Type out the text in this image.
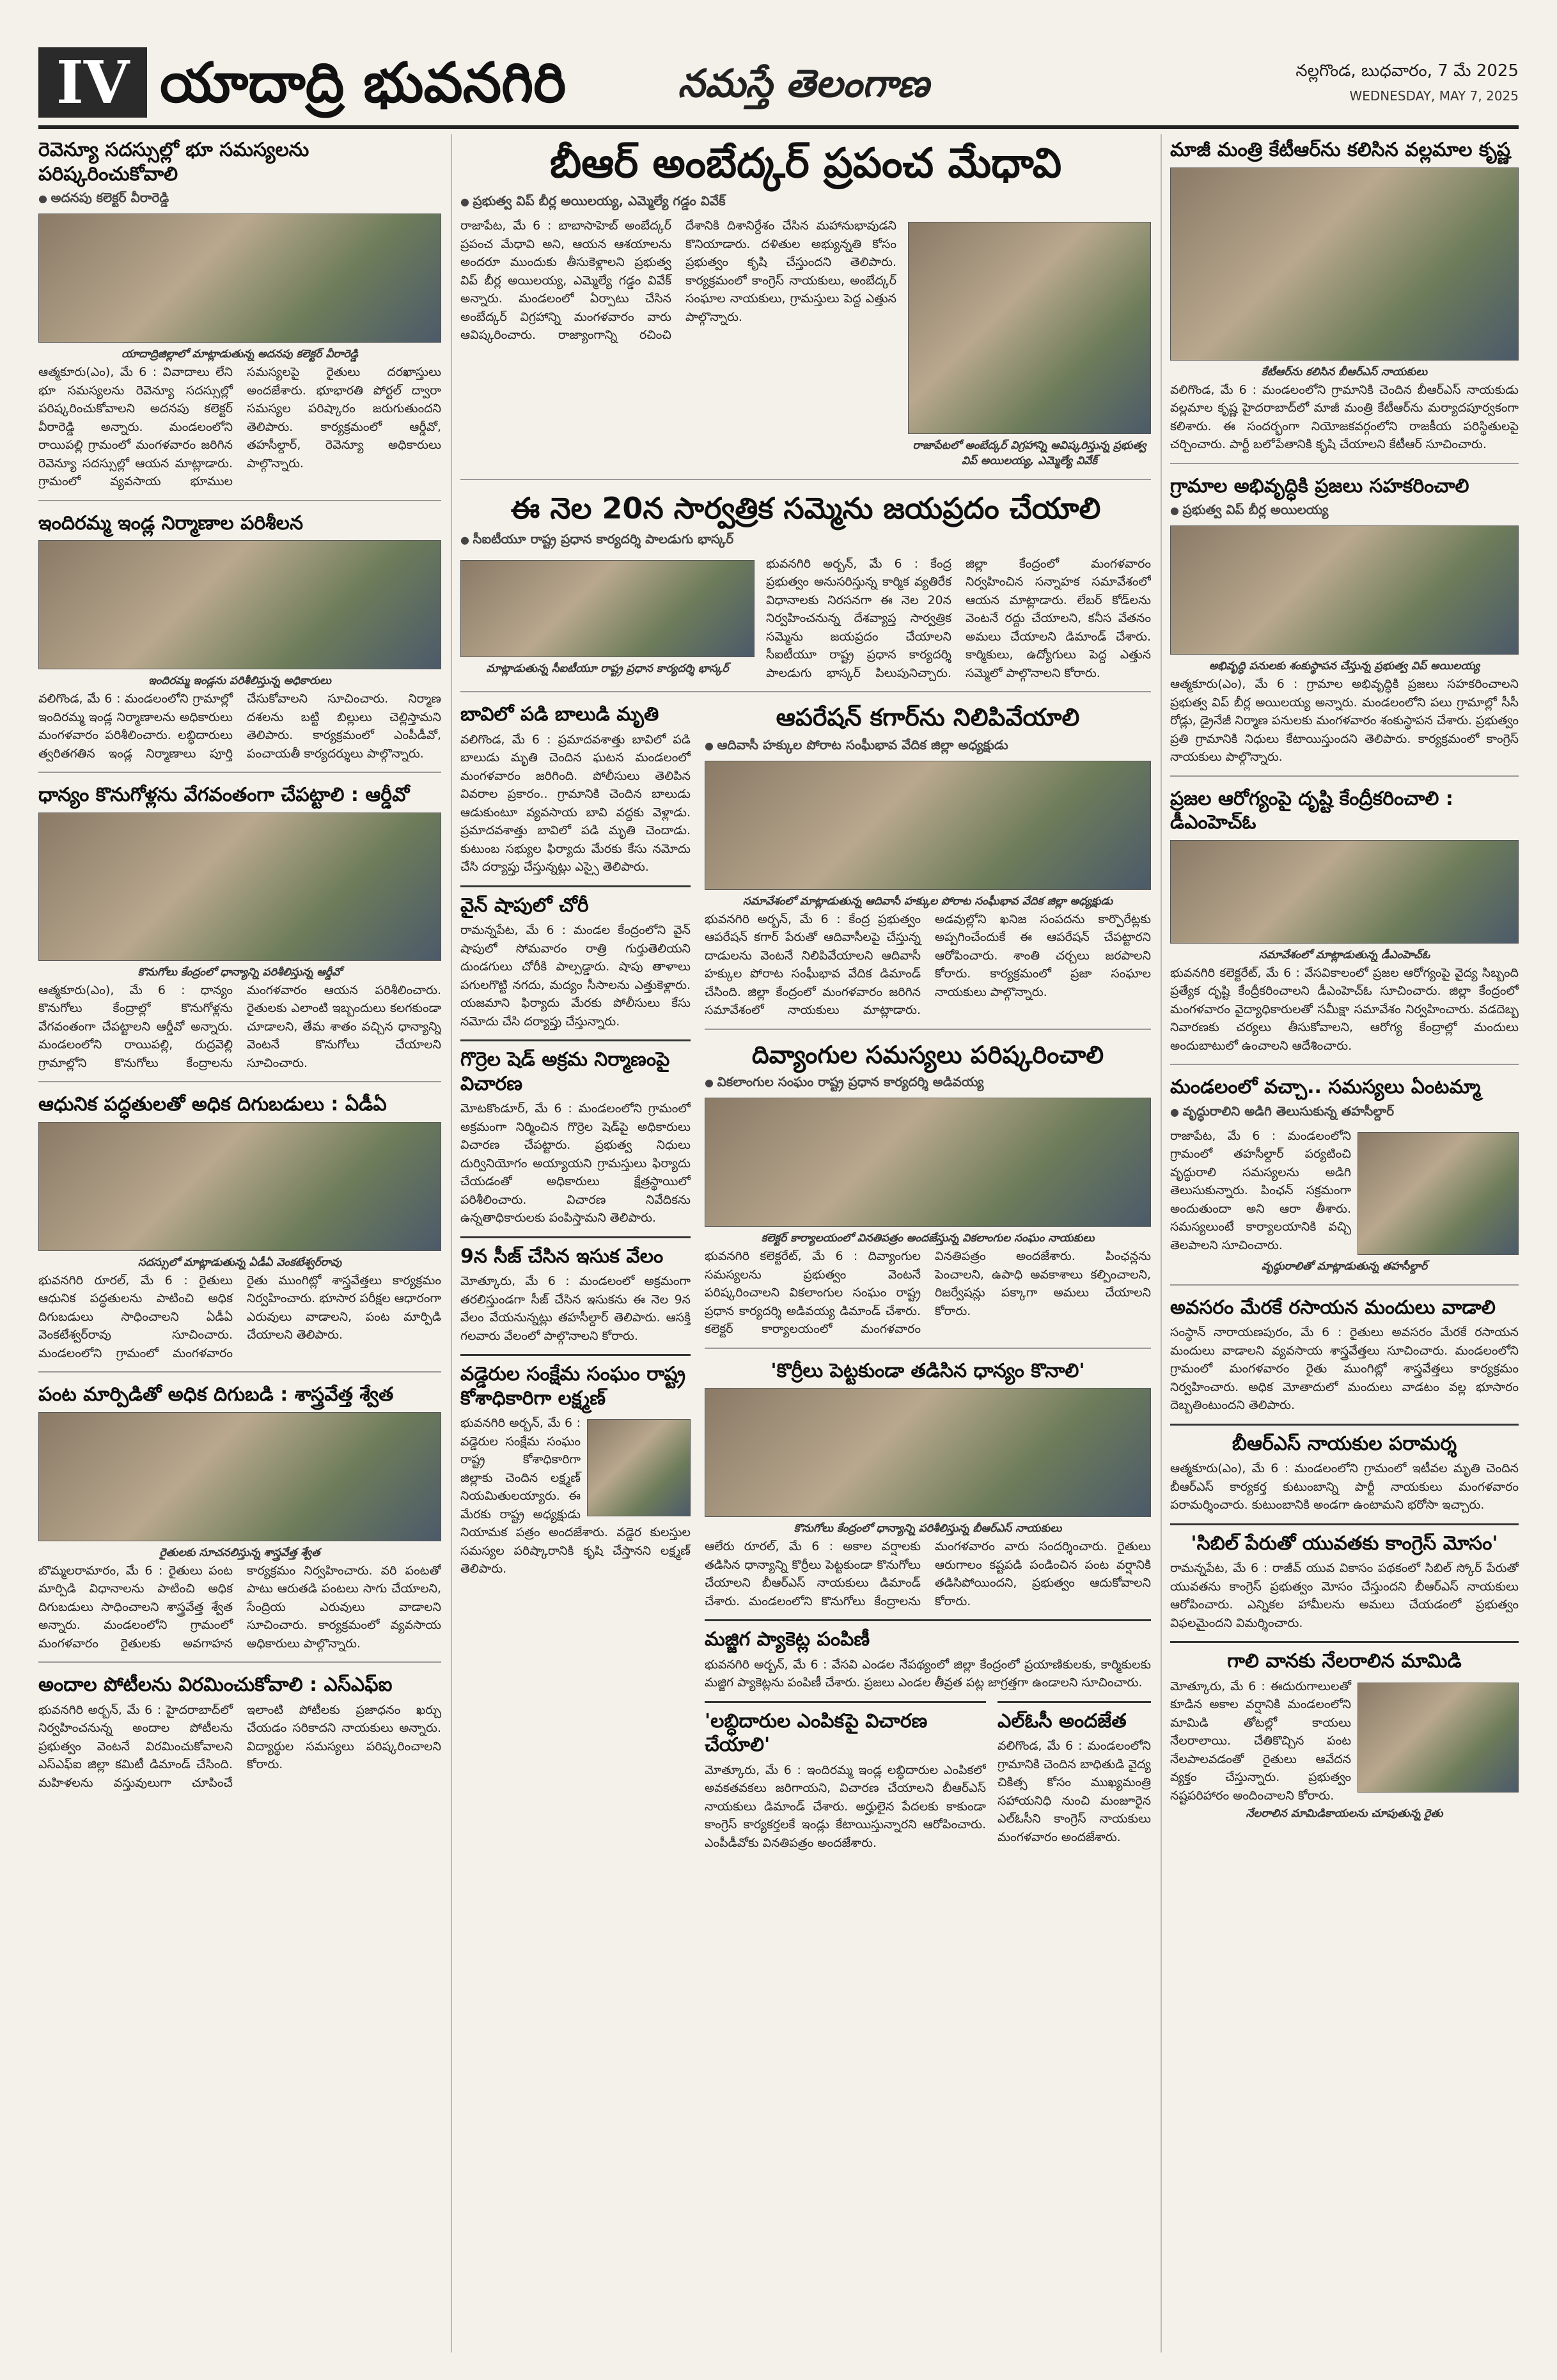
IV యాదాద్రి భువనగిరి	నమస్తే తెలంగాణ	నల్లగొండ, బుధవారం, 7 మే 2025
WEDNESDAY, MAY 7, 2025
రెవెన్యూ సదస్సుల్లో భూ సమస్యలను పరిష్కరించుకోవాలి
● అదనపు కలెక్టర్ వీరారెడ్డి
యాదాద్రిజిల్లాలో మాట్లాడుతున్న అదనపు కలెక్టర్ వీరారెడ్డి
ఆత్మకూరు(ఎం), మే 6 : వివాదాలు లేని భూ సమస్యలను రెవెన్యూ సదస్సుల్లో పరిష్కరించుకోవాలని అదనపు కలెక్టర్ వీరారెడ్డి అన్నారు. మండలంలోని రాయిపల్లి గ్రామంలో మంగళవారం జరిగిన రెవెన్యూ సదస్సుల్లో ఆయన మాట్లాడారు. గ్రామంలో వ్యవసాయ భూముల సమస్యలపై రైతులు దరఖాస్తులు అందజేశారు. భూభారతి పోర్టల్ ద్వారా సమస్యల పరిష్కారం జరుగుతుందని తెలిపారు. కార్యక్రమంలో ఆర్డీవో, తహసీల్దార్, రెవెన్యూ అధికారులు పాల్గొన్నారు.
ఇందిరమ్మ ఇండ్ల నిర్మాణాల పరిశీలన
ఇందిరమ్మ ఇండ్లను పరిశీలిస్తున్న అధికారులు
వలిగొండ, మే 6 : మండలంలోని గ్రామాల్లో ఇందిరమ్మ ఇండ్ల నిర్మాణాలను అధికారులు మంగళవారం పరిశీలించారు. లబ్ధిదారులు త్వరితగతిన ఇండ్ల నిర్మాణాలు పూర్తి చేసుకోవాలని సూచించారు. నిర్మాణ దశలను బట్టి బిల్లులు చెల్లిస్తామని తెలిపారు. కార్యక్రమంలో ఎంపీడీవో, పంచాయతీ కార్యదర్శులు పాల్గొన్నారు.
ధాన్యం కొనుగోళ్లను వేగవంతంగా చేపట్టాలి : ఆర్డీవో
కొనుగోలు కేంద్రంలో ధాన్యాన్ని పరిశీలిస్తున్న ఆర్డీవో
ఆత్మకూరు(ఎం), మే 6 : ధాన్యం కొనుగోలు కేంద్రాల్లో కొనుగోళ్లను వేగవంతంగా చేపట్టాలని ఆర్డీవో అన్నారు. మండలంలోని రాయిపల్లి, రుద్రవెల్లి గ్రామాల్లోని కొనుగోలు కేంద్రాలను మంగళవారం ఆయన పరిశీలించారు. రైతులకు ఎలాంటి ఇబ్బందులు కలగకుండా చూడాలని, తేమ శాతం వచ్చిన ధాన్యాన్ని వెంటనే కొనుగోలు చేయాలని సూచించారు.
ఆధునిక పద్ధతులతో అధిక దిగుబడులు : ఏడీఏ
సదస్సులో మాట్లాడుతున్న ఏడీఏ వెంకటేశ్వర్‌రావు
భువనగిరి రూరల్, మే 6 : రైతులు ఆధునిక పద్ధతులను పాటించి అధిక దిగుబడులు సాధించాలని ఏడీఏ వెంకటేశ్వర్‌రావు సూచించారు. మండలంలోని గ్రామంలో మంగళవారం రైతు ముంగిట్లో శాస్త్రవేత్తలు కార్యక్రమం నిర్వహించారు. భూసార పరీక్షల ఆధారంగా ఎరువులు వాడాలని, పంట మార్పిడి చేయాలని తెలిపారు.
పంట మార్పిడితో అధిక దిగుబడి : శాస్త్రవేత్త శ్వేత
రైతులకు సూచనలిస్తున్న శాస్త్రవేత్త శ్వేత
బొమ్మలరామారం, మే 6 : రైతులు పంట మార్పిడి విధానాలను పాటించి అధిక దిగుబడులు సాధించాలని శాస్త్రవేత్త శ్వేత అన్నారు. మండలంలోని గ్రామంలో మంగళవారం రైతులకు అవగాహన కార్యక్రమం నిర్వహించారు. వరి పంటతో పాటు ఆరుతడి పంటలు సాగు చేయాలని, సేంద్రియ ఎరువులు వాడాలని సూచించారు. కార్యక్రమంలో వ్యవసాయ అధికారులు పాల్గొన్నారు.
అందాల పోటీలను విరమించుకోవాలి : ఎస్‌ఎఫ్‌ఐ
భువనగిరి అర్బన్, మే 6 : హైదరాబాద్‌లో నిర్వహించనున్న అందాల పోటీలను ప్రభుత్వం వెంటనే విరమించుకోవాలని ఎస్‌ఎఫ్‌ఐ జిల్లా కమిటీ డిమాండ్ చేసింది. మహిళలను వస్తువులుగా చూపించే ఇలాంటి పోటీలకు ప్రజాధనం ఖర్చు చేయడం సరికాదని నాయకులు అన్నారు. విద్యార్థుల సమస్యలు పరిష్కరించాలని కోరారు.
బీఆర్ అంబేద్కర్ ప్రపంచ మేధావి
● ప్రభుత్వ విప్ బీర్ల అయిలయ్య, ఎమ్మెల్యే గడ్డం వివేక్
రాజాపేట, మే 6 : బాబాసాహెబ్ అంబేద్కర్ ప్రపంచ మేధావి అని, ఆయన ఆశయాలను అందరూ ముందుకు తీసుకెళ్లాలని ప్రభుత్వ విప్ బీర్ల అయిలయ్య, ఎమ్మెల్యే గడ్డం వివేక్ అన్నారు. మండలంలో ఏర్పాటు చేసిన అంబేద్కర్ విగ్రహాన్ని మంగళవారం వారు ఆవిష్కరించారు. రాజ్యాంగాన్ని రచించి దేశానికి దిశానిర్దేశం చేసిన మహానుభావుడని కొనియాడారు. దళితుల అభ్యున్నతి కోసం ప్రభుత్వం కృషి చేస్తుందని తెలిపారు. కార్యక్రమంలో కాంగ్రెస్ నాయకులు, అంబేద్కర్ సంఘాల నాయకులు, గ్రామస్తులు పెద్ద ఎత్తున పాల్గొన్నారు.
రాజాపేటలో అంబేద్కర్ విగ్రహాన్ని ఆవిష్కరిస్తున్న ప్రభుత్వ విప్ అయిలయ్య, ఎమ్మెల్యే వివేక్
ఈ నెల 20న సార్వత్రిక సమ్మెను జయప్రదం చేయాలి
● సీఐటీయూ రాష్ట్ర ప్రధాన కార్యదర్శి పాలడుగు భాస్కర్
మాట్లాడుతున్న సీఐటీయూ రాష్ట్ర ప్రధాన కార్యదర్శి భాస్కర్
భువనగిరి అర్బన్, మే 6 : కేంద్ర ప్రభుత్వం అనుసరిస్తున్న కార్మిక వ్యతిరేక విధానాలకు నిరసనగా ఈ నెల 20న నిర్వహించనున్న దేశవ్యాప్త సార్వత్రిక సమ్మెను జయప్రదం చేయాలని సీఐటీయూ రాష్ట్ర ప్రధాన కార్యదర్శి పాలడుగు భాస్కర్ పిలుపునిచ్చారు. జిల్లా కేంద్రంలో మంగళవారం నిర్వహించిన సన్నాహక సమావేశంలో ఆయన మాట్లాడారు. లేబర్ కోడ్‌లను వెంటనే రద్దు చేయాలని, కనీస వేతనం అమలు చేయాలని డిమాండ్ చేశారు. కార్మికులు, ఉద్యోగులు పెద్ద ఎత్తున సమ్మెలో పాల్గొనాలని కోరారు.
బావిలో పడి బాలుడి మృతి
వలిగొండ, మే 6 : ప్రమాదవశాత్తు బావిలో పడి బాలుడు మృతి చెందిన ఘటన మండలంలో మంగళవారం జరిగింది. పోలీసులు తెలిపిన వివరాల ప్రకారం.. గ్రామానికి చెందిన బాలుడు ఆడుకుంటూ వ్యవసాయ బావి వద్దకు వెళ్లాడు. ప్రమాదవశాత్తు బావిలో పడి మృతి చెందాడు. కుటుంబ సభ్యుల ఫిర్యాదు మేరకు కేసు నమోదు చేసి దర్యాప్తు చేస్తున్నట్లు ఎస్సై తెలిపారు.
వైన్ షాపులో చోరీ
రామన్నపేట, మే 6 : మండల కేంద్రంలోని వైన్ షాపులో సోమవారం రాత్రి గుర్తుతెలియని దుండగులు చోరీకి పాల్పడ్డారు. షాపు తాళాలు పగులగొట్టి నగదు, మద్యం సీసాలను ఎత్తుకెళ్లారు. యజమాని ఫిర్యాదు మేరకు పోలీసులు కేసు నమోదు చేసి దర్యాప్తు చేస్తున్నారు.
గొర్రెల షెడ్ అక్రమ నిర్మాణంపై విచారణ
మోటకొండూర్, మే 6 : మండలంలోని గ్రామంలో అక్రమంగా నిర్మించిన గొర్రెల షెడ్‌పై అధికారులు విచారణ చేపట్టారు. ప్రభుత్వ నిధులు దుర్వినియోగం అయ్యాయని గ్రామస్తులు ఫిర్యాదు చేయడంతో అధికారులు క్షేత్రస్థాయిలో పరిశీలించారు. విచారణ నివేదికను ఉన్నతాధికారులకు పంపిస్తామని తెలిపారు.
9న సీజ్ చేసిన ఇసుక వేలం
మోత్కూరు, మే 6 : మండలంలో అక్రమంగా తరలిస్తుండగా సీజ్ చేసిన ఇసుకను ఈ నెల 9న వేలం వేయనున్నట్లు తహసీల్దార్ తెలిపారు. ఆసక్తి గలవారు వేలంలో పాల్గొనాలని కోరారు.
వడ్డెరుల సంక్షేమ సంఘం రాష్ట్ర కోశాధికారిగా లక్ష్మణ్
భువనగిరి అర్బన్, మే 6 : వడ్డెరుల సంక్షేమ సంఘం రాష్ట్ర కోశాధికారిగా జిల్లాకు చెందిన లక్ష్మణ్ నియమితులయ్యారు. ఈ మేరకు రాష్ట్ర అధ్యక్షుడు నియామక పత్రం అందజేశారు. వడ్డెర కులస్తుల సమస్యల పరిష్కారానికి కృషి చేస్తానని లక్ష్మణ్ తెలిపారు.
ఆపరేషన్ కగార్‌ను నిలిపివేయాలి
● ఆదివాసీ హక్కుల పోరాట సంఘీభావ వేదిక జిల్లా అధ్యక్షుడు
సమావేశంలో మాట్లాడుతున్న ఆదివాసీ హక్కుల పోరాట సంఘీభావ వేదిక జిల్లా అధ్యక్షుడు
భువనగిరి అర్బన్, మే 6 : కేంద్ర ప్రభుత్వం ఆపరేషన్ కగార్ పేరుతో ఆదివాసీలపై చేస్తున్న దాడులను వెంటనే నిలిపివేయాలని ఆదివాసీ హక్కుల పోరాట సంఘీభావ వేదిక డిమాండ్ చేసింది. జిల్లా కేంద్రంలో మంగళవారం జరిగిన సమావేశంలో నాయకులు మాట్లాడారు. అడవుల్లోని ఖనిజ సంపదను కార్పొరేట్లకు అప్పగించేందుకే ఈ ఆపరేషన్ చేపట్టారని ఆరోపించారు. శాంతి చర్చలు జరపాలని కోరారు. కార్యక్రమంలో ప్రజా సంఘాల నాయకులు పాల్గొన్నారు.
దివ్యాంగుల సమస్యలు పరిష్కరించాలి
● వికలాంగుల సంఘం రాష్ట్ర ప్రధాన కార్యదర్శి అడివయ్య
కలెక్టర్ కార్యాలయంలో వినతిపత్రం అందజేస్తున్న వికలాంగుల సంఘం నాయకులు
భువనగిరి కలెక్టరేట్, మే 6 : దివ్యాంగుల సమస్యలను ప్రభుత్వం వెంటనే పరిష్కరించాలని వికలాంగుల సంఘం రాష్ట్ర ప్రధాన కార్యదర్శి అడివయ్య డిమాండ్ చేశారు. కలెక్టర్ కార్యాలయంలో మంగళవారం వినతిపత్రం అందజేశారు. పింఛన్లను పెంచాలని, ఉపాధి అవకాశాలు కల్పించాలని, రిజర్వేషన్లు పక్కాగా అమలు చేయాలని కోరారు.
'కొర్రీలు పెట్టకుండా తడిసిన ధాన్యం కొనాలి'
కొనుగోలు కేంద్రంలో ధాన్యాన్ని పరిశీలిస్తున్న బీఆర్‌ఎస్ నాయకులు
ఆలేరు రూరల్, మే 6 : అకాల వర్షాలకు తడిసిన ధాన్యాన్ని కొర్రీలు పెట్టకుండా కొనుగోలు చేయాలని బీఆర్‌ఎస్ నాయకులు డిమాండ్ చేశారు. మండలంలోని కొనుగోలు కేంద్రాలను మంగళవారం వారు సందర్శించారు. రైతులు ఆరుగాలం కష్టపడి పండించిన పంట వర్షానికి తడిసిపోయిందని, ప్రభుత్వం ఆదుకోవాలని కోరారు.
మజ్జిగ ప్యాకెట్ల పంపిణీ
భువనగిరి అర్బన్, మే 6 : వేసవి ఎండల నేపథ్యంలో జిల్లా కేంద్రంలో ప్రయాణికులకు, కార్మికులకు మజ్జిగ ప్యాకెట్లను పంపిణీ చేశారు. ప్రజలు ఎండల తీవ్రత పట్ల జాగ్రత్తగా ఉండాలని సూచించారు.
'లబ్ధిదారుల ఎంపికపై విచారణ చేయాలి'
మోత్కూరు, మే 6 : ఇందిరమ్మ ఇండ్ల లబ్ధిదారుల ఎంపికలో అవకతవకలు జరిగాయని, విచారణ చేయాలని బీఆర్‌ఎస్ నాయకులు డిమాండ్ చేశారు. అర్హులైన పేదలకు కాకుండా కాంగ్రెస్ కార్యకర్తలకే ఇండ్లు కేటాయిస్తున్నారని ఆరోపించారు. ఎంపీడీవోకు వినతిపత్రం అందజేశారు.
ఎల్ఓసీ అందజేత
వలిగొండ, మే 6 : మండలంలోని గ్రామానికి చెందిన బాధితుడి వైద్య చికిత్స కోసం ముఖ్యమంత్రి సహాయనిధి నుంచి మంజూరైన ఎల్ఓసీని కాంగ్రెస్ నాయకులు మంగళవారం అందజేశారు.
మాజీ మంత్రి కేటీఆర్‌ను కలిసిన వల్లమాల కృష్ణ
కేటీఆర్‌ను కలిసిన బీఆర్‌ఎస్ నాయకులు
వలిగొండ, మే 6 : మండలంలోని గ్రామానికి చెందిన బీఆర్‌ఎస్ నాయకుడు వల్లమాల కృష్ణ హైదరాబాద్‌లో మాజీ మంత్రి కేటీఆర్‌ను మర్యాదపూర్వకంగా కలిశారు. ఈ సందర్భంగా నియోజకవర్గంలోని రాజకీయ పరిస్థితులపై చర్చించారు. పార్టీ బలోపేతానికి కృషి చేయాలని కేటీఆర్ సూచించారు.
గ్రామాల అభివృద్ధికి ప్రజలు సహకరించాలి
● ప్రభుత్వ విప్ బీర్ల అయిలయ్య
అభివృద్ధి పనులకు శంకుస్థాపన చేస్తున్న ప్రభుత్వ విప్ అయిలయ్య
ఆత్మకూరు(ఎం), మే 6 : గ్రామాల అభివృద్ధికి ప్రజలు సహకరించాలని ప్రభుత్వ విప్ బీర్ల అయిలయ్య అన్నారు. మండలంలోని పలు గ్రామాల్లో సీసీ రోడ్లు, డ్రైనేజీ నిర్మాణ పనులకు మంగళవారం శంకుస్థాపన చేశారు. ప్రభుత్వం ప్రతి గ్రామానికి నిధులు కేటాయిస్తుందని తెలిపారు. కార్యక్రమంలో కాంగ్రెస్ నాయకులు పాల్గొన్నారు.
ప్రజల ఆరోగ్యంపై దృష్టి కేంద్రీకరించాలి : డీఎంహెచ్ఓ
సమావేశంలో మాట్లాడుతున్న డీఎంహెచ్ఓ
భువనగిరి కలెక్టరేట్, మే 6 : వేసవికాలంలో ప్రజల ఆరోగ్యంపై వైద్య సిబ్బంది ప్రత్యేక దృష్టి కేంద్రీకరించాలని డీఎంహెచ్ఓ సూచించారు. జిల్లా కేంద్రంలో మంగళవారం వైద్యాధికారులతో సమీక్షా సమావేశం నిర్వహించారు. వడదెబ్బ నివారణకు చర్యలు తీసుకోవాలని, ఆరోగ్య కేంద్రాల్లో మందులు అందుబాటులో ఉంచాలని ఆదేశించారు.
మండలంలో వచ్చా.. సమస్యలు ఏంటమ్మా
● వృద్ధురాలిని అడిగి తెలుసుకున్న తహసీల్దార్
రాజాపేట, మే 6 : మండలంలోని గ్రామంలో తహసీల్దార్ పర్యటించి వృద్ధురాలి సమస్యలను అడిగి తెలుసుకున్నారు. పింఛన్ సక్రమంగా అందుతుందా అని ఆరా తీశారు. సమస్యలుంటే కార్యాలయానికి వచ్చి తెలపాలని సూచించారు.
వృద్ధురాలితో మాట్లాడుతున్న తహసీల్దార్
అవసరం మేరకే రసాయన మందులు వాడాలి
సంస్థాన్ నారాయణపురం, మే 6 : రైతులు అవసరం మేరకే రసాయన మందులు వాడాలని వ్యవసాయ శాస్త్రవేత్తలు సూచించారు. మండలంలోని గ్రామంలో మంగళవారం రైతు ముంగిట్లో శాస్త్రవేత్తలు కార్యక్రమం నిర్వహించారు. అధిక మోతాదులో మందులు వాడటం వల్ల భూసారం దెబ్బతింటుందని తెలిపారు.
బీఆర్‌ఎస్ నాయకుల పరామర్శ
ఆత్మకూరు(ఎం), మే 6 : మండలంలోని గ్రామంలో ఇటీవల మృతి చెందిన బీఆర్‌ఎస్ కార్యకర్త కుటుంబాన్ని పార్టీ నాయకులు మంగళవారం పరామర్శించారు. కుటుంబానికి అండగా ఉంటామని భరోసా ఇచ్చారు.
'సిబిల్ పేరుతో యువతకు కాంగ్రెస్ మోసం'
రామన్నపేట, మే 6 : రాజీవ్ యువ వికాసం పథకంలో సిబిల్ స్కోర్ పేరుతో యువతను కాంగ్రెస్ ప్రభుత్వం మోసం చేస్తుందని బీఆర్‌ఎస్ నాయకులు ఆరోపించారు. ఎన్నికల హామీలను అమలు చేయడంలో ప్రభుత్వం విఫలమైందని విమర్శించారు.
గాలి వానకు నేలరాలిన మామిడి
మోత్కూరు, మే 6 : ఈదురుగాలులతో కూడిన అకాల వర్షానికి మండలంలోని మామిడి తోటల్లో కాయలు నేలరాలాయి. చేతికొచ్చిన పంట నేలపాలవడంతో రైతులు ఆవేదన వ్యక్తం చేస్తున్నారు. ప్రభుత్వం నష్టపరిహారం అందించాలని కోరారు.
నేలరాలిన మామిడికాయలను చూపుతున్న రైతు
